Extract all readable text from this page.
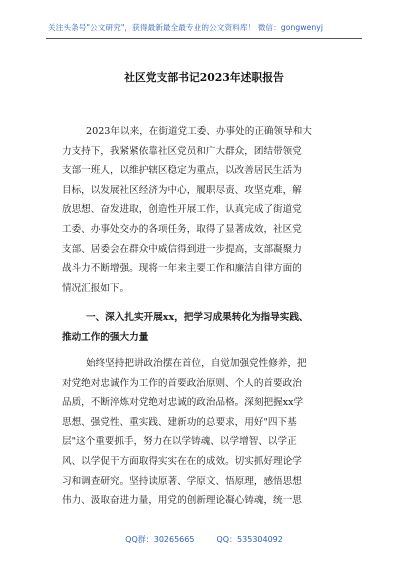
关注头条号"公文研究"，获得最新最全最专业的公文资料库！ 微信：gongwenyj
社区党支部书记2023年述职报告
2023年以来，在街道党工委、办事处的正确领导和大
力支持下，我紧紧依靠社区党员和广大群众，团结带领党
支部一班人，以维护辖区稳定为重点，以改善居民生活为
目标，以发展社区经济为中心，履职尽责、攻坚克难，解
放思想、奋发进取，创造性开展工作，认真完成了街道党
工委、办事处交办的各项任务，取得了显著成效，社区党
支部、居委会在群众中威信得到进一步提高，支部凝聚力
战斗力不断增强。现将一年来主要工作和廉洁自律方面的
情况汇报如下。
一、深入扎实开展xx，把学习成果转化为指导实践、
推动工作的强大力量
始终坚持把讲政治摆在首位，自觉加强党性修养，把
对党绝对忠诚作为工作的首要政治原则、个人的首要政治
品质，不断淬炼对党绝对忠诚的政治品格。深刻把握xx学
思想、强党性、重实践、建新功的总要求，用好"四下基
层"这个重要抓手，努力在以学铸魂、以学增智、以学正
风、以学促干方面取得实实在在的成效。切实抓好理论学
习和调查研究。坚持读原著、学原文、悟原理，感悟思想
伟力、汲取奋进力量，用党的创新理论凝心铸魂，统一思
QQ群：30265665	QQ：535304092
